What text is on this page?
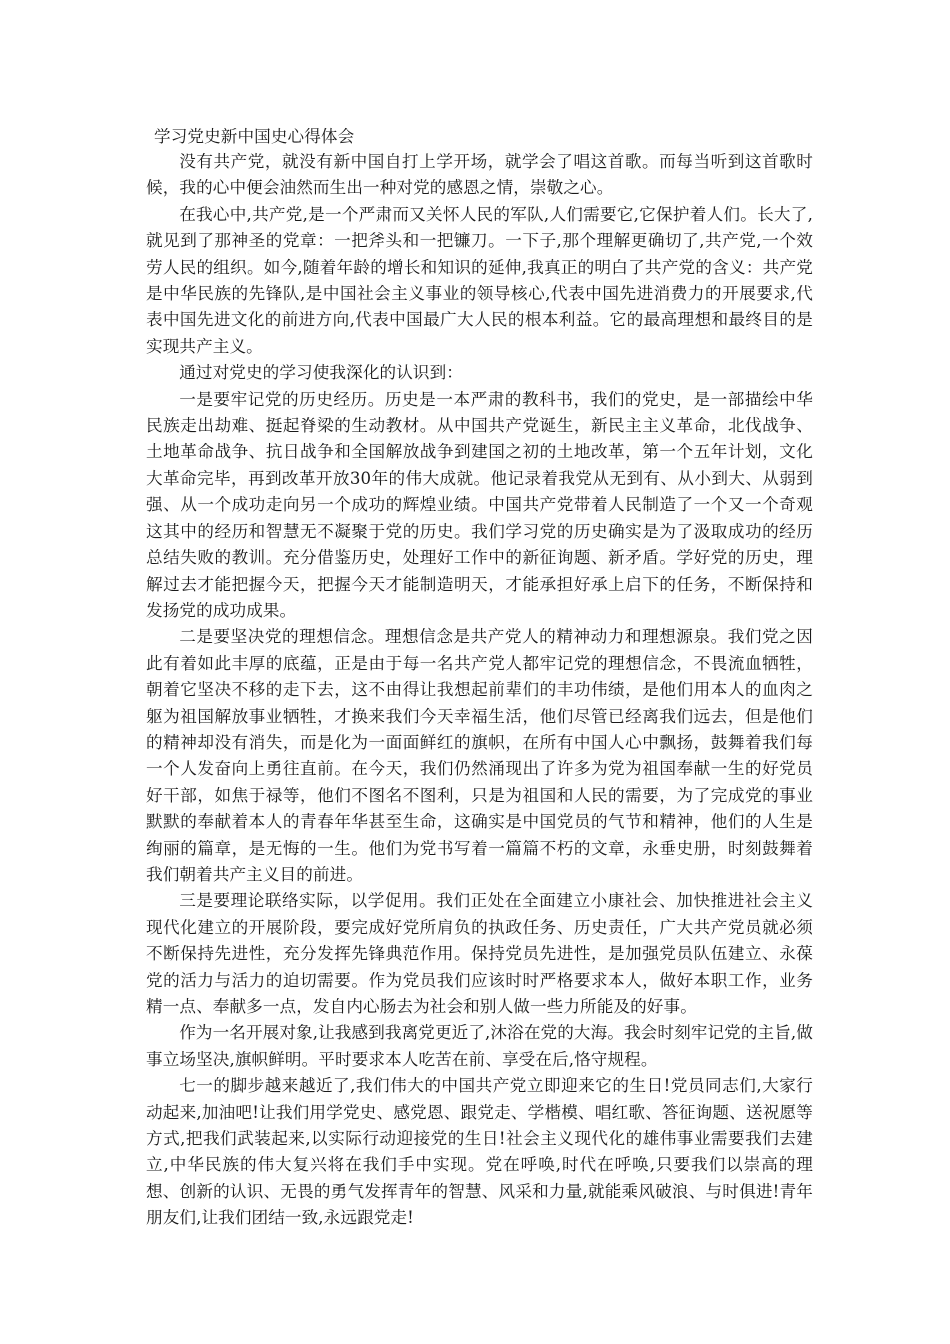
学习党史新中国史心得体会

没有共产党，就没有新中国自打上学开场，就学会了唱这首歌。而每当听到这首歌时候，我的心中便会油然而生出一种对党的感恩之情，崇敬之心。

在我心中,共产党,是一个严肃而又关怀人民的军队,人们需要它,它保护着人们。长大了,就见到了那神圣的党章：一把斧头和一把镰刀。一下子,那个理解更确切了,共产党,一个效劳人民的组织。如今,随着年龄的增长和知识的延伸,我真正的明白了共产党的含义：共产党是中华民族的先锋队,是中国社会主义事业的领导核心,代表中国先进消费力的开展要求,代表中国先进文化的前进方向,代表中国最广大人民的根本利益。它的最高理想和最终目的是实现共产主义。

通过对党史的学习使我深化的认识到：

一是要牢记党的历史经历。历史是一本严肃的教科书，我们的党史，是一部描绘中华民族走出劫难、挺起脊梁的生动教材。从中国共产党诞生，新民主主义革命，北伐战争、土地革命战争、抗日战争和全国解放战争到建国之初的土地改革，第一个五年计划，文化大革命完毕，再到改革开放30年的伟大成就。他记录着我党从无到有、从小到大、从弱到强、从一个成功走向另一个成功的辉煌业绩。中国共产党带着人民制造了一个又一个奇观这其中的经历和智慧无不凝聚于党的历史。我们学习党的历史确实是为了汲取成功的经历总结失败的教训。充分借鉴历史，处理好工作中的新征询题、新矛盾。学好党的历史，理解过去才能把握今天，把握今天才能制造明天，才能承担好承上启下的任务，不断保持和发扬党的成功成果。

二是要坚决党的理想信念。理想信念是共产党人的精神动力和理想源泉。我们党之因此有着如此丰厚的底蕴，正是由于每一名共产党人都牢记党的理想信念，不畏流血牺牲，朝着它坚决不移的走下去，这不由得让我想起前辈们的丰功伟绩，是他们用本人的血肉之躯为祖国解放事业牺牲，才换来我们今天幸福生活，他们尽管已经离我们远去，但是他们的精神却没有消失，而是化为一面面鲜红的旗帜，在所有中国人心中飘扬，鼓舞着我们每一个人发奋向上勇往直前。在今天，我们仍然涌现出了许多为党为祖国奉献一生的好党员好干部，如焦于禄等，他们不图名不图利，只是为祖国和人民的需要，为了完成党的事业默默的奉献着本人的青春年华甚至生命，这确实是中国党员的气节和精神，他们的人生是绚丽的篇章，是无悔的一生。他们为党书写着一篇篇不朽的文章，永垂史册，时刻鼓舞着我们朝着共产主义目的前进。

三是要理论联络实际，以学促用。我们正处在全面建立小康社会、加快推进社会主义现代化建立的开展阶段，要完成好党所肩负的执政任务、历史责任，广大共产党员就必须不断保持先进性，充分发挥先锋典范作用。保持党员先进性，是加强党员队伍建立、永葆党的活力与活力的迫切需要。作为党员我们应该时时严格要求本人，做好本职工作，业务精一点、奉献多一点，发自内心肠去为社会和别人做一些力所能及的好事。

作为一名开展对象,让我感到我离党更近了,沐浴在党的大海。我会时刻牢记党的主旨,做事立场坚决,旗帜鲜明。平时要求本人吃苦在前、享受在后,恪守规程。

七一的脚步越来越近了,我们伟大的中国共产党立即迎来它的生日!党员同志们,大家行动起来,加油吧!让我们用学党史、感党恩、跟党走、学楷模、唱红歌、答征询题、送祝愿等方式,把我们武装起来,以实际行动迎接党的生日!社会主义现代化的雄伟事业需要我们去建立,中华民族的伟大复兴将在我们手中实现。党在呼唤,时代在呼唤,只要我们以崇高的理想、创新的认识、无畏的勇气发挥青年的智慧、风采和力量,就能乘风破浪、与时俱进!青年朋友们,让我们团结一致,永远跟党走!
